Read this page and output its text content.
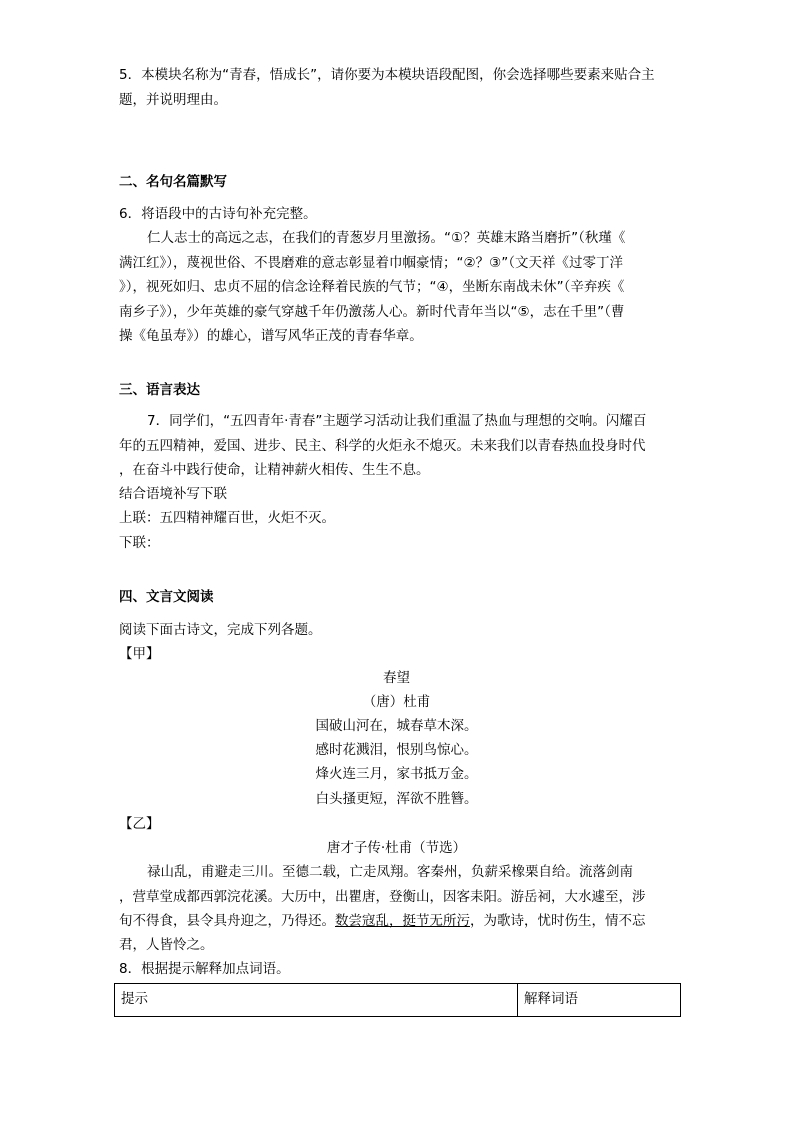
5．本模块名称为“青春，悟成长”，请你要为本模块语段配图，你会选择哪些要素来贴合主
题，并说明理由。
二、名句名篇默写
6．将语段中的古诗句补充完整。
仁人志士的高远之志，在我们的青葱岁月里激扬。“①？英雄末路当磨折”（秋瑾《
满江红》），蔑视世俗、不畏磨难的意志彰显着巾帼豪情；“②？③”（文天祥《过零丁洋
》），视死如归、忠贞不屈的信念诠释着民族的气节；“④，坐断东南战未休”（辛弃疾《
南乡子》），少年英雄的豪气穿越千年仍激荡人心。新时代青年当以“⑤，志在千里”（曹
操《龟虽寿》）的雄心，谱写风华正茂的青春华章。
三、语言表达
7．同学们，“五四青年·青春”主题学习活动让我们重温了热血与理想的交响。闪耀百
年的五四精神，爱国、进步、民主、科学的火炬永不熄灭。未来我们以青春热血投身时代
，在奋斗中践行使命，让精神薪火相传、生生不息。
结合语境补写下联
上联：五四精神耀百世，火炬不灭。
下联：
四、文言文阅读
阅读下面古诗文，完成下列各题。
【甲】
春望
（唐）杜甫
国破山河在，城春草木深。
感时花溅泪，恨别鸟惊心。
烽火连三月，家书抵万金。
白头搔更短，浑欲不胜簪。
【乙】
唐才子传·杜甫（节选）
禄山乱，甫避走三川。至德二载，亡走凤翔。客秦州，负薪采橡栗自给。流落剑南
，营草堂成都西郭浣花溪。大历中，出瞿唐，登衡山，因客耒阳。游岳祠，大水遽至，涉
旬不得食，县令具舟迎之，乃得还。数尝寇乱，挺节无所污，为歌诗，忧时伤生，情不忘
君，人皆怜之。
8．根据提示解释加点词语。
提示	解释词语
